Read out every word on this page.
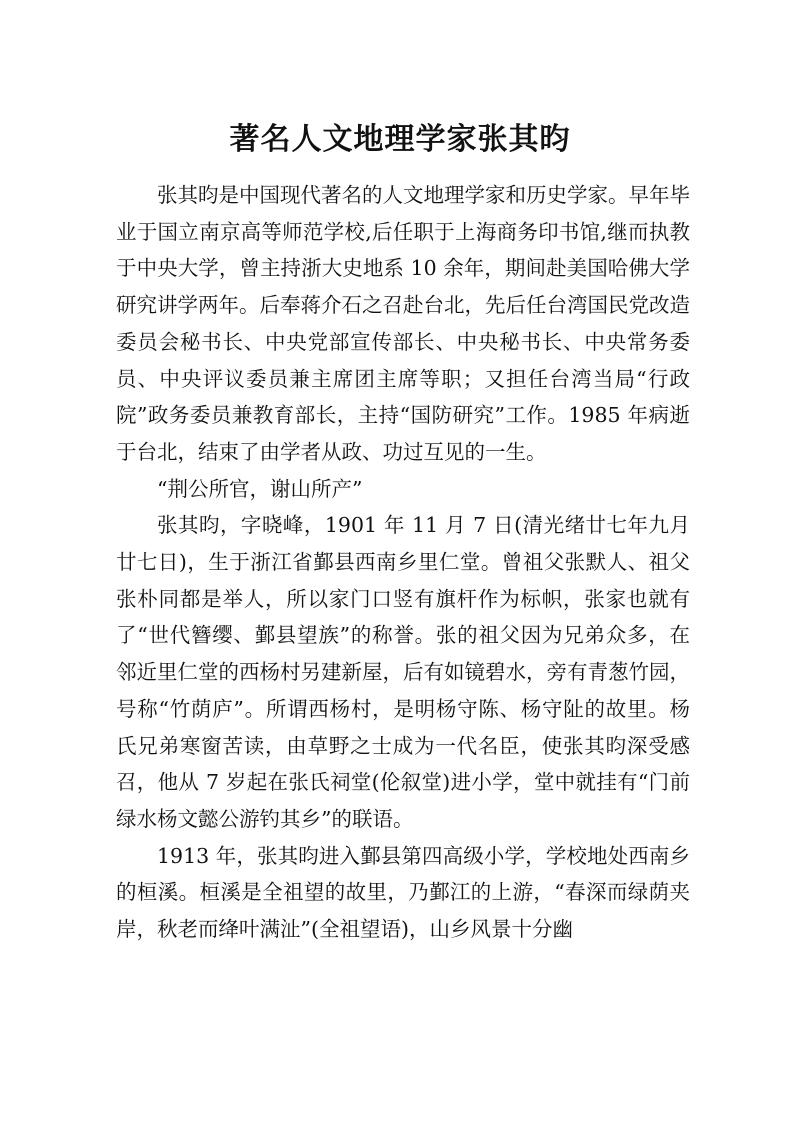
著名人文地理学家张其昀

张其昀是中国现代著名的人文地理学家和历史学家。早年毕业于国立南京高等师范学校,后任职于上海商务印书馆,继而执教于中央大学，曾主持浙大史地系 10 余年，期间赴美国哈佛大学研究讲学两年。后奉蒋介石之召赴台北，先后任台湾国民党改造委员会秘书长、中央党部宣传部长、中央秘书长、中央常务委员、中央评议委员兼主席团主席等职；又担任台湾当局“行政院”政务委员兼教育部长，主持“国防研究”工作。1985 年病逝于台北，结束了由学者从政、功过互见的一生。

“荆公所官，谢山所产”

张其昀，字晓峰，1901 年 11 月 7 日(清光绪廿七年九月廿七日)，生于浙江省鄞县西南乡里仁堂。曾祖父张默人、祖父张朴同都是举人，所以家门口竖有旗杆作为标帜，张家也就有了“世代簪缨、鄞县望族”的称誉。张的祖父因为兄弟众多，在邻近里仁堂的西杨村另建新屋，后有如镜碧水，旁有青葱竹园，号称“竹荫庐”。所谓西杨村，是明杨守陈、杨守阯的故里。杨氏兄弟寒窗苦读，由草野之士成为一代名臣，使张其昀深受感召，他从 7 岁起在张氏祠堂(伦叙堂)进小学，堂中就挂有“门前绿水杨文懿公游钓其乡”的联语。

1913 年，张其昀进入鄞县第四高级小学，学校地处西南乡的桓溪。桓溪是全祖望的故里，乃鄞江的上游，“春深而绿荫夹岸，秋老而绛叶满沚”(全祖望语)，山乡风景十分幽
